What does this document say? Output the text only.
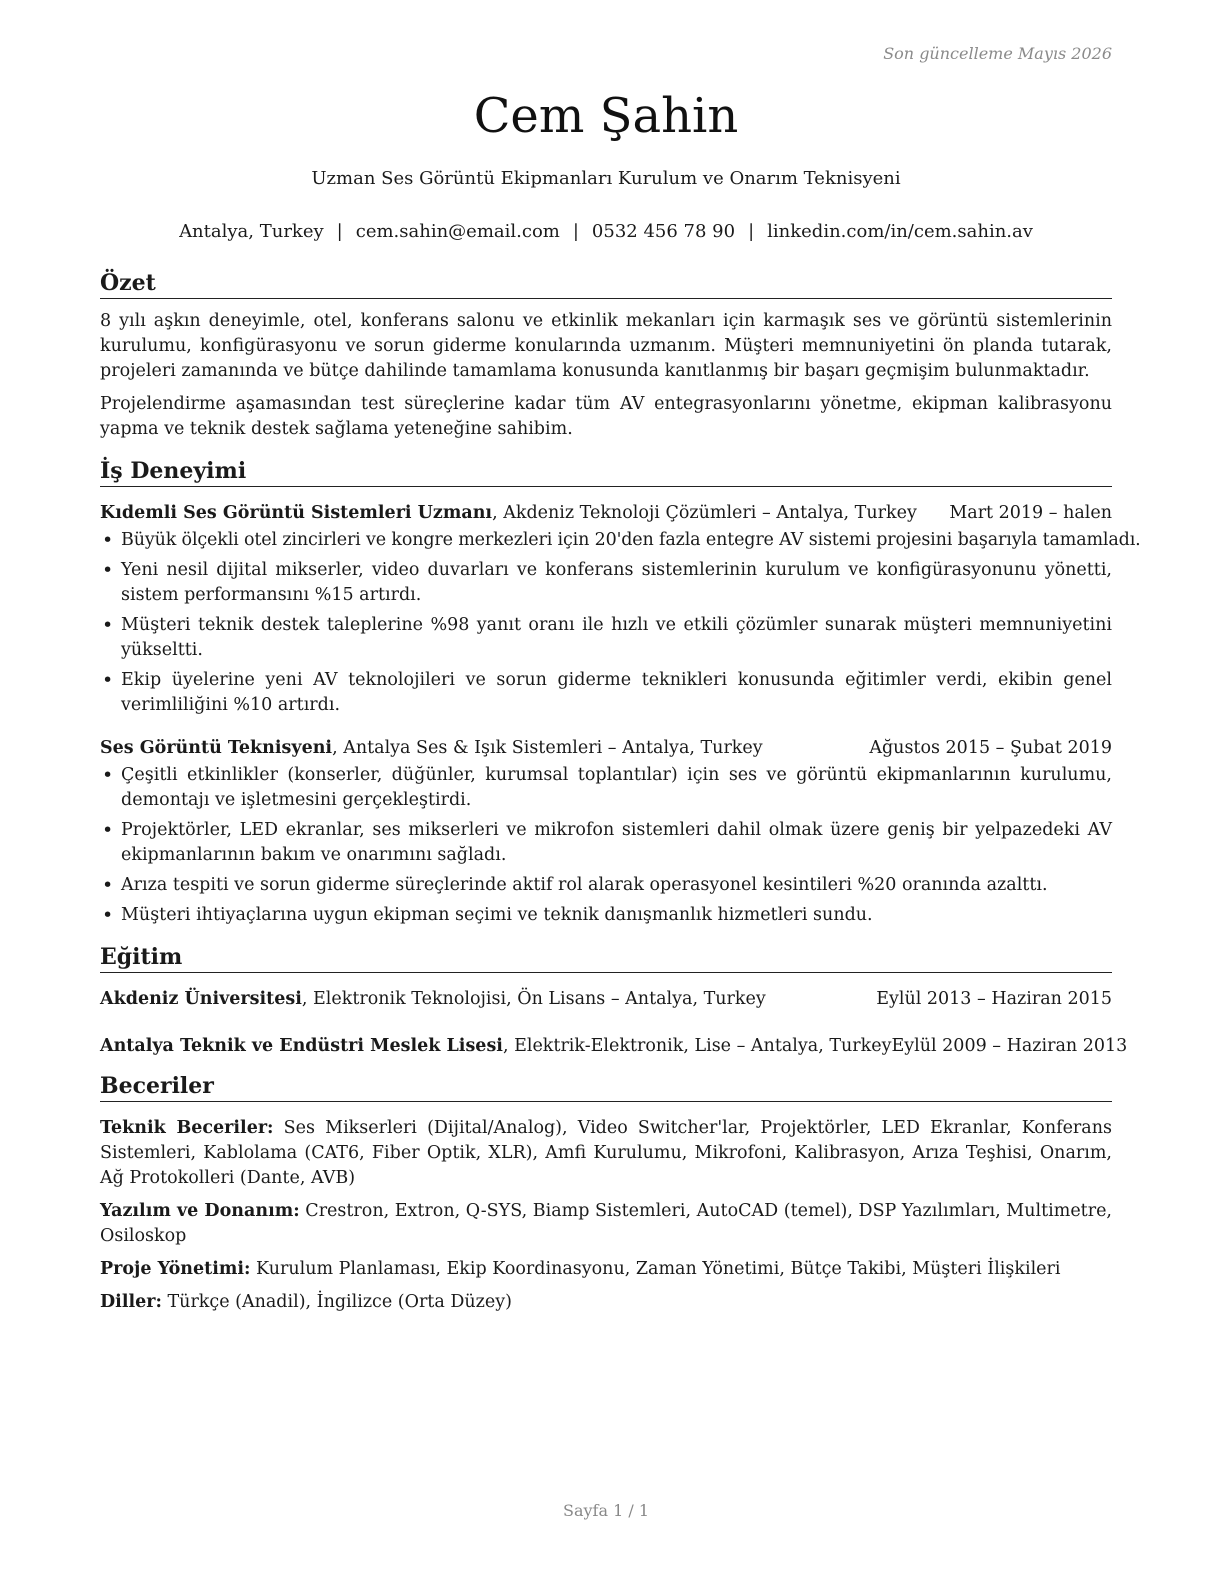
Son güncelleme Mayıs 2026
Cem Şahin
Uzman Ses Görüntü Ekipmanları Kurulum ve Onarım Teknisyeni
Antalya, Turkey | cem.sahin@email.com | 0532 456 78 90 | linkedin.com/in/cem.sahin.av
Özet

8 yılı aşkın deneyimle, otel, konferans salonu ve etkinlik mekanları için karmaşık ses ve görüntü sistemlerinin kurulumu, konfigürasyonu ve sorun giderme konularında uzmanım. Müşteri memnuniyetini ön planda tutarak, projeleri zamanında ve bütçe dahilinde tamamlama konusunda kanıtlanmış bir başarı geçmişim bulunmaktadır.

Projelendirme aşamasından test süreçlerine kadar tüm AV entegrasyonlarını yönetme, ekipman kalibrasyonu yapma ve teknik destek sağlama yeteneğine sahibim.

İş Deneyimi
Kıdemli Ses Görüntü Sistemleri Uzmanı, Akdeniz Teknoloji Çözümleri – Antalya, Turkey Mart 2019 – halen
• Büyük ölçekli otel zincirleri ve kongre merkezleri için 20'den fazla entegre AV sistemi projesini başarıyla tamamladı.
• Yeni nesil dijital mikserler, video duvarları ve konferans sistemlerinin kurulum ve konfigürasyonunu yönetti, sistem performansını %15 artırdı.
• Müşteri teknik destek taleplerine %98 yanıt oranı ile hızlı ve etkili çözümler sunarak müşteri memnuniyetini yükseltti.
• Ekip üyelerine yeni AV teknolojileri ve sorun giderme teknikleri konusunda eğitimler verdi, ekibin genel verimliliğini %10 artırdı.
Ses Görüntü Teknisyeni, Antalya Ses & Işık Sistemleri – Antalya, Turkey	Ağustos 2015 – Şubat 2019
• Çeşitli etkinlikler (konserler, düğünler, kurumsal toplantılar) için ses ve görüntü ekipmanlarının kurulumu, demontajı ve işletmesini gerçekleştirdi.
• Projektörler, LED ekranlar, ses mikserleri ve mikrofon sistemleri dahil olmak üzere geniş bir yelpazedeki AV ekipmanlarının bakım ve onarımını sağladı.
• Arıza tespiti ve sorun giderme süreçlerinde aktif rol alarak operasyonel kesintileri %20 oranında azalttı.
• Müşteri ihtiyaçlarına uygun ekipman seçimi ve teknik danışmanlık hizmetleri sundu.
Eğitim
Akdeniz Üniversitesi, Elektronik Teknolojisi, Ön Lisans – Antalya, Turkey	Eylül 2013 – Haziran 2015
Antalya Teknik ve Endüstri Meslek Lisesi, Elektrik-Elektronik, Lise – Antalya, Turkey Eylül 2009 – Haziran 2013
Beceriler
Teknik Beceriler: Ses Mikserleri (Dijital/Analog), Video Switcher'lar, Projektörler, LED Ekranlar, Konferans Sistemleri, Kablolama (CAT6, Fiber Optik, XLR), Amfi Kurulumu, Mikrofoni, Kalibrasyon, Arıza Teşhisi, Onarım, Ağ Protokolleri (Dante, AVB)
Yazılım ve Donanım: Crestron, Extron, Q-SYS, Biamp Sistemleri, AutoCAD (temel), DSP Yazılımları, Multimetre, Osiloskop
Proje Yönetimi: Kurulum Planlaması, Ekip Koordinasyonu, Zaman Yönetimi, Bütçe Takibi, Müşteri İlişkileri
Diller: Türkçe (Anadil), İngilizce (Orta Düzey)
Sayfa 1 / 1
